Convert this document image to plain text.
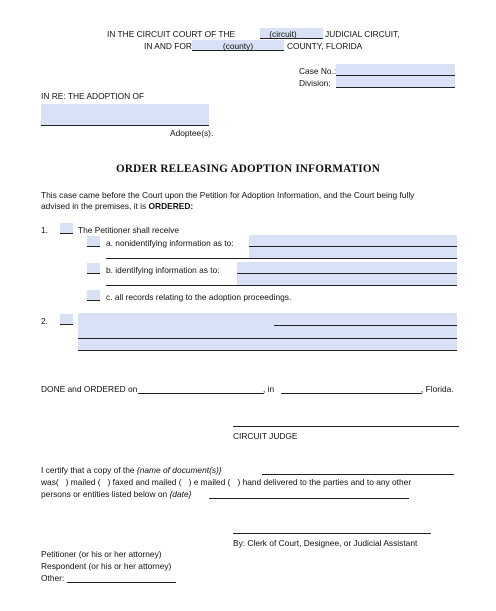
IN THE CIRCUIT COURT OF THE	(circuit)	JUDICIAL CIRCUIT,
IN AND FOR	(county)	COUNTY, FLORIDA
Case No.:
Division:
IN RE: THE ADOPTION OF
Adoptee(s).
ORDER RELEASING ADOPTION INFORMATION
This case came before the Court upon the Petition for Adoption Information, and the Court being fully
advised in the premises, it is ORDERED:
1.	The Petitioner shall receive
a. nonidentifying information as to:
b. identifying information as to:
c. all records relating to the adoption proceedings.
2.
DONE and ORDERED on	, in	, Florida.
CIRCUIT JUDGE
I certify that a copy of the {name of document(s)}
was( ) mailed ( ) faxed and mailed ( ) e mailed ( ) hand delivered to the parties and to any other
persons or entities listed below on {date}
By: Clerk of Court, Designee, or Judicial Assistant
Petitioner (or his or her attorney)
Respondent (or his or her attorney)
Other:
